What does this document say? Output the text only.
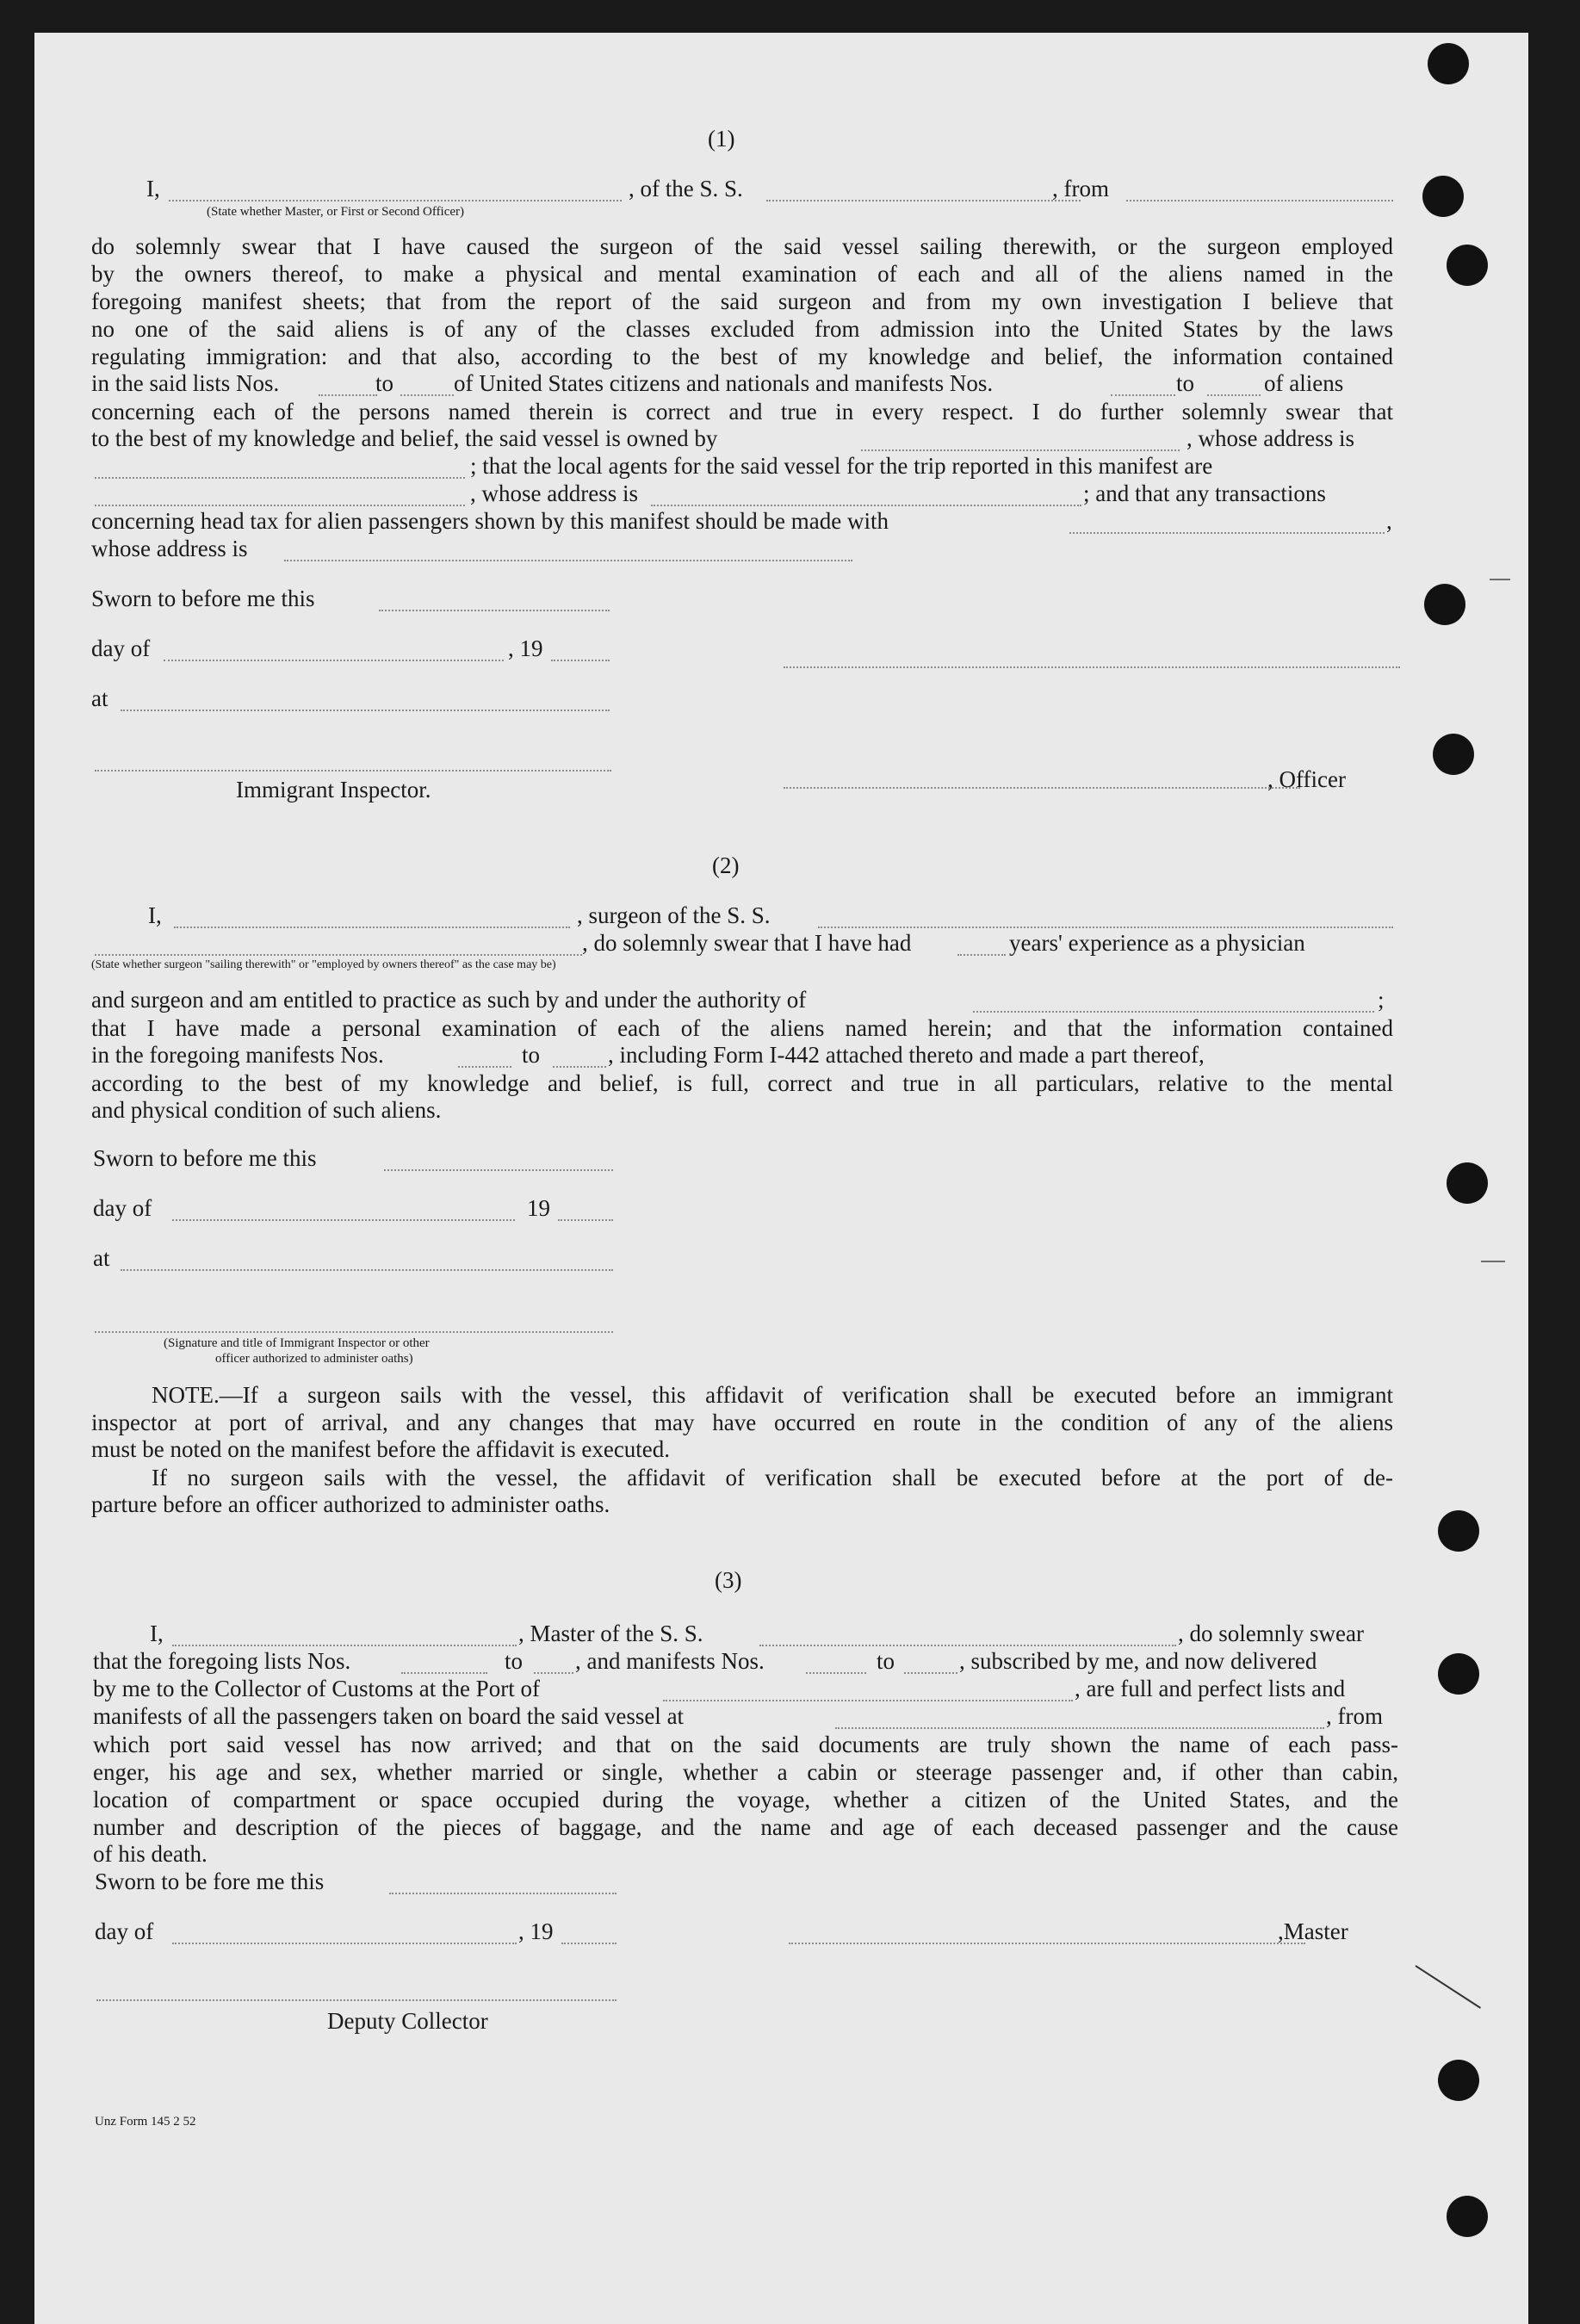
(1)
I,	, of the S. S.	, from
(State whether Master, or First or Second Officer)
do solemnly swear that I have caused the surgeon of the said vessel sailing therewith, or the surgeon employed
by the owners thereof, to make a physical and mental examination of each and all of the aliens named in the
foregoing manifest sheets; that from the report of the said surgeon and from my own investigation I believe that
no one of the said aliens is of any of the classes excluded from admission into the United States by the laws
regulating immigration: and that also, according to the best of my knowledge and belief, the information contained
in the said lists Nos.	to	of United States citizens and nationals and manifests Nos.	to	of aliens
concerning each of the persons named therein is correct and true in every respect. I do further solemnly swear that
to the best of my knowledge and belief, the said vessel is owned by	, whose address is
; that the local agents for the said vessel for the trip reported in this manifest are
, whose address is	; and that any transactions
concerning head tax for alien passengers shown by this manifest should be made with	,
whose address is
Sworn to before me this
day of	, 19
at
Immigrant Inspector.	, Officer
(2)
I,	, surgeon of the S. S.
, do solemnly swear that I have had	years' experience as a physician
(State whether surgeon "sailing therewith" or "employed by owners thereof" as the case may be)
and surgeon and am entitled to practice as such by and under the authority of	;
that I have made a personal examination of each of the aliens named herein; and that the information contained
in the foregoing manifests Nos.	to	, including Form I-442 attached thereto and made a part thereof,
according to the best of my knowledge and belief, is full, correct and true in all particulars, relative to the mental
and physical condition of such aliens.
Sworn to before me this
day of	19
at
(Signature and title of Immigrant Inspector or other
officer authorized to administer oaths)
NOTE.—If a surgeon sails with the vessel, this affidavit of verification shall be executed before an immigrant
inspector at port of arrival, and any changes that may have occurred en route in the condition of any of the aliens
must be noted on the manifest before the affidavit is executed.
If no surgeon sails with the vessel, the affidavit of verification shall be executed before at the port of de-
parture before an officer authorized to administer oaths.
(3)
I,	, Master of the S. S.	, do solemnly swear
that the foregoing lists Nos.	to , and manifests Nos.	to	, subscribed by me, and now delivered
by me to the Collector of Customs at the Port of	, are full and perfect lists and
manifests of all the passengers taken on board the said vessel at	, from
which port said vessel has now arrived; and that on the said documents are truly shown the name of each pass-
enger, his age and sex, whether married or single, whether a cabin or steerage passenger and, if other than cabin,
location of compartment or space occupied during the voyage, whether a citizen of the United States, and the
number and description of the pieces of baggage, and the name and age of each deceased passenger and the cause
of his death.
Sworn to be fore me this
day of	, 19	,Master
Deputy Collector
Unz Form 145 2 52
